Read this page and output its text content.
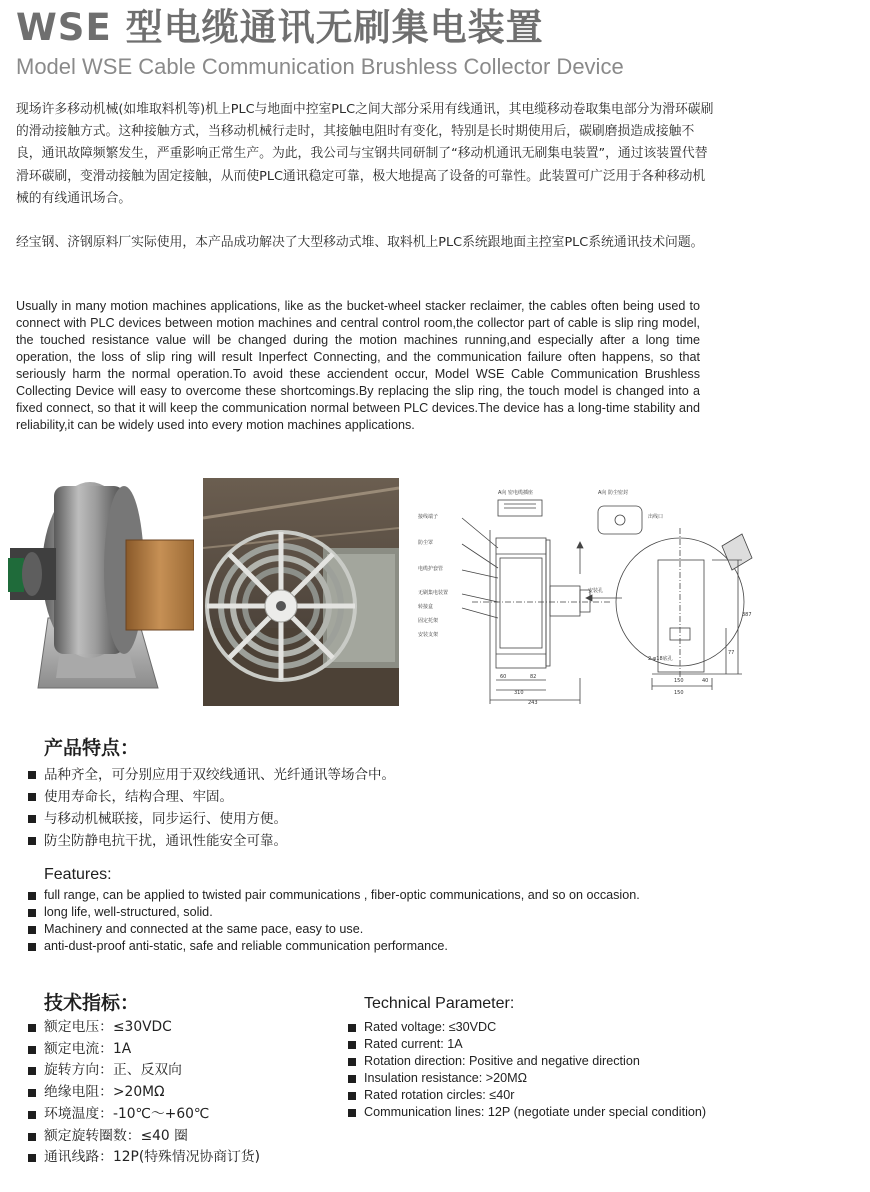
WSE 型电缆通讯无刷集电装置
Model WSE Cable Communication Brushless Collector Device
现场许多移动机械(如堆取料机等)机上PLC与地面中控室PLC之间大部分采用有线通讯，其电缆移动卷取集电部分为滑环碳刷的滑动接触方式。这种接触方式，当移动机械行走时，其接触电阻时有变化，特别是长时期使用后，碳刷磨损造成接触不良，通讯故障频繁发生，严重影响正常生产。为此，我公司与宝钢共同研制了“移动机通讯无刷集电装置”，通过该装置代替滑环碳刷，变滑动接触为固定接触，从而使PLC通讯稳定可靠，极大地提高了设备的可靠性。此装置可广泛用于各种移动机械的有线通讯场合。
经宝钢、济钢原料厂实际使用，本产品成功解决了大型移动式堆、取料机上PLC系统跟地面主控室PLC系统通讯技术问题。
Usually in many motion machines applications, like as the bucket-wheel stacker reclaimer, the cables often being used to connect with PLC devices between motion machines and central control room,the collector part of cable is slip ring model, the touched resistance value will be changed during the motion machines running,and especially after a long time operation, the loss of slip ring will result Inperfect Connecting, and the communication failure often happens, so that seriously harm the normal operation.To avoid these acciendent occur, Model WSE Cable Communication Brushless Collecting Device will easy to overcome these shortcomings.By replacing the slip ring, the touch model is changed into a fixed connect, so that it will keep the communication normal between PLC devices.The device has a long-time stability and reliability,it can be widely used into every motion machines applications.
A向 密电缆插座
接线端子
防尘罩
电缆护套管
无刷集电装置
转接盒
固定托架
安装支架
A向 防尘密封
出线口
安装孔
2-φ18底孔
243
310	150
387
60	82
150	40
77
产品特点：
品种齐全，可分别应用于双绞线通讯、光纤通讯等场合中。
使用寿命长，结构合理、牢固。
与移动机械联接，同步运行、使用方便。
防尘防静电抗干扰，通讯性能安全可靠。
Features:
full range, can be applied to twisted pair communications , fiber-optic communications, and so on occasion.
long life, well-structured, solid.
Machinery and connected at the same pace, easy to use.
anti-dust-proof anti-static, safe and reliable communication performance.
技术指标：
额定电压：≤30VDC
额定电流：1A
旋转方向：正、反双向
绝缘电阻：>20MΩ
环境温度：-10℃～+60℃
额定旋转圈数：≤40 圈
通讯线路：12P(特殊情况协商订货)
Technical Parameter:
Rated voltage: ≤30VDC
Rated current: 1A
Rotation direction: Positive and negative direction
Insulation resistance: >20MΩ
Rated rotation circles: ≤40r
Communication lines: 12P (negotiate under special condition)
